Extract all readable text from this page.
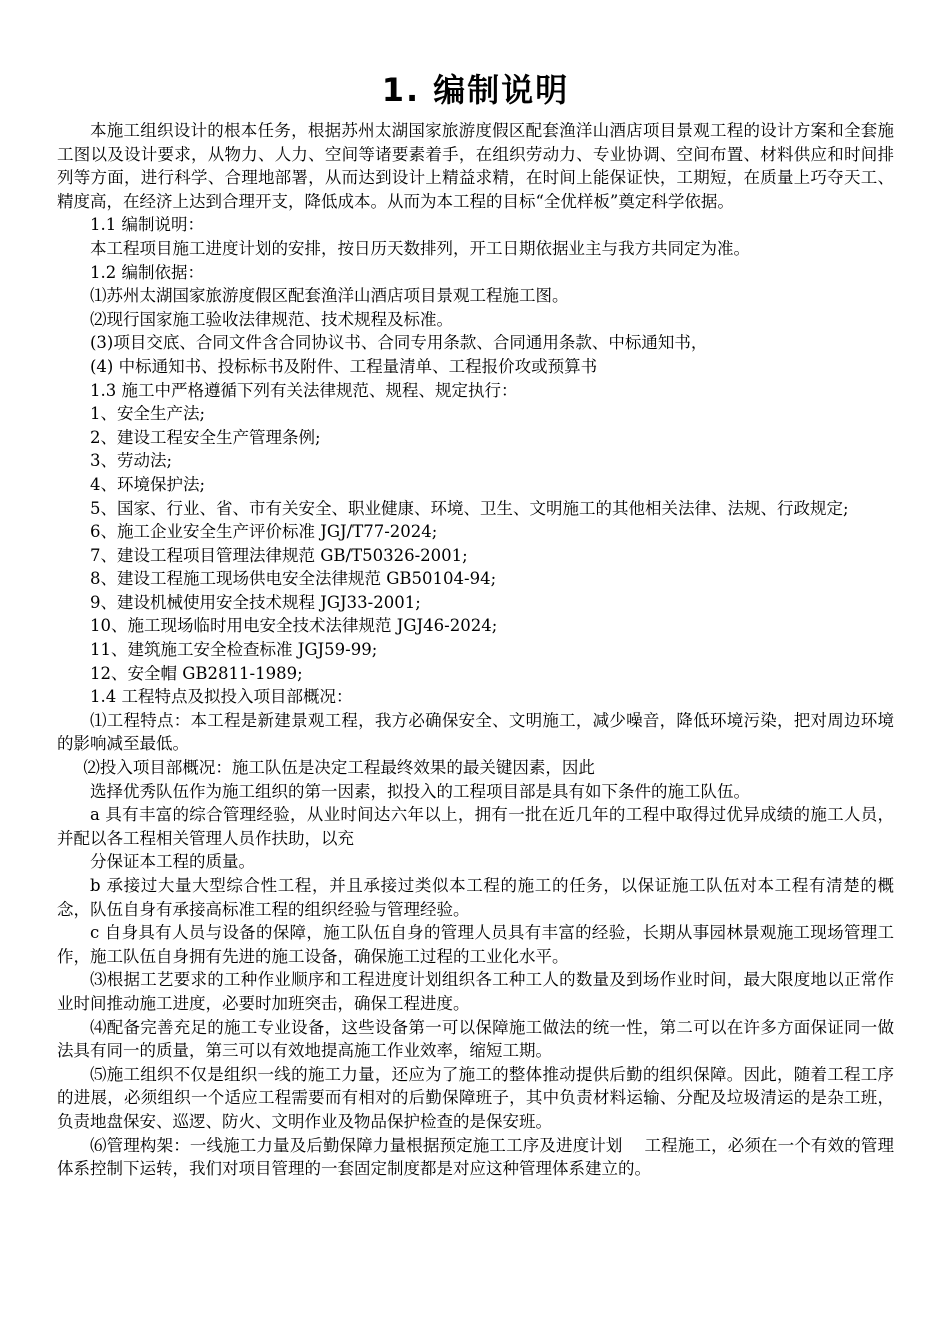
1. 编制说明

本施工组织设计的根本任务，根据苏州太湖国家旅游度假区配套渔洋山酒店项目景观工程的设计方案和全套施工图以及设计要求，从物力、人力、空间等诸要素着手，在组织劳动力、专业协调、空间布置、材料供应和时间排列等方面，进行科学、合理地部署，从而达到设计上精益求精，在时间上能保证快，工期短，在质量上巧夺天工、精度高，在经济上达到合理开支，降低成本。从而为本工程的目标“全优样板”奠定科学依据。

1.1 编制说明：

本工程项目施工进度计划的安排，按日历天数排列，开工日期依据业主与我方共同定为准。

1.2 编制依据：

⑴苏州太湖国家旅游度假区配套渔洋山酒店项目景观工程施工图。

⑵现行国家施工验收法律规范、技术规程及标准。

(3)项目交底、合同文件含合同协议书、合同专用条款、合同通用条款、中标通知书，

(4) 中标通知书、投标标书及附件、工程量清单、工程报价攻或预算书

1.3 施工中严格遵循下列有关法律规范、规程、规定执行：

1、安全生产法;

2、建设工程安全生产管理条例;

3、劳动法;

4、环境保护法;

5、国家、行业、省、市有关安全、职业健康、环境、卫生、文明施工的其他相关法律、法规、行政规定;

6、施工企业安全生产评价标准 JGJ/T77-2024;

7、建设工程项目管理法律规范 GB/T50326-2001;

8、建设工程施工现场供电安全法律规范 GB50104-94;

9、建设机械使用安全技术规程 JGJ33-2001;

10、施工现场临时用电安全技术法律规范 JGJ46-2024;

11、建筑施工安全检查标准 JGJ59-99;

12、安全帽 GB2811-1989;

1.4 工程特点及拟投入项目部概况：

⑴工程特点：本工程是新建景观工程，我方必确保安全、文明施工，减少噪音，降低环境污染，把对周边环境的影响减至最低。

⑵投入项目部概况：施工队伍是决定工程最终效果的最关键因素，因此

选择优秀队伍作为施工组织的第一因素，拟投入的工程项目部是具有如下条件的施工队伍。

a 具有丰富的综合管理经验，从业时间达六年以上，拥有一批在近几年的工程中取得过优异成绩的施工人员，并配以各工程相关管理人员作扶助，以充

分保证本工程的质量。

b 承接过大量大型综合性工程，并且承接过类似本工程的施工的任务，以保证施工队伍对本工程有清楚的概念，队伍自身有承接高标准工程的组织经验与管理经验。

c 自身具有人员与设备的保障，施工队伍自身的管理人员具有丰富的经验，长期从事园林景观施工现场管理工作，施工队伍自身拥有先进的施工设备，确保施工过程的工业化水平。

⑶根据工艺要求的工种作业顺序和工程进度计划组织各工种工人的数量及到场作业时间，最大限度地以正常作业时间推动施工进度，必要时加班突击，确保工程进度。

⑷配备完善充足的施工专业设备，这些设备第一可以保障施工做法的统一性，第二可以在许多方面保证同一做法具有同一的质量，第三可以有效地提高施工作业效率，缩短工期。

⑸施工组织不仅是组织一线的施工力量，还应为了施工的整体推动提供后勤的组织保障。因此，随着工程工序的进展，必须组织一个适应工程需要而有相对的后勤保障班子，其中负责材料运输、分配及垃圾清运的是杂工班，负责地盘保安、巡逻、防火、文明作业及物品保护检查的是保安班。

⑹管理构架：一线施工力量及后勤保障力量根据预定施工工序及进度计划　 工程施工，必须在一个有效的管理体系控制下运转，我们对项目管理的一套固定制度都是对应这种管理体系建立的。
